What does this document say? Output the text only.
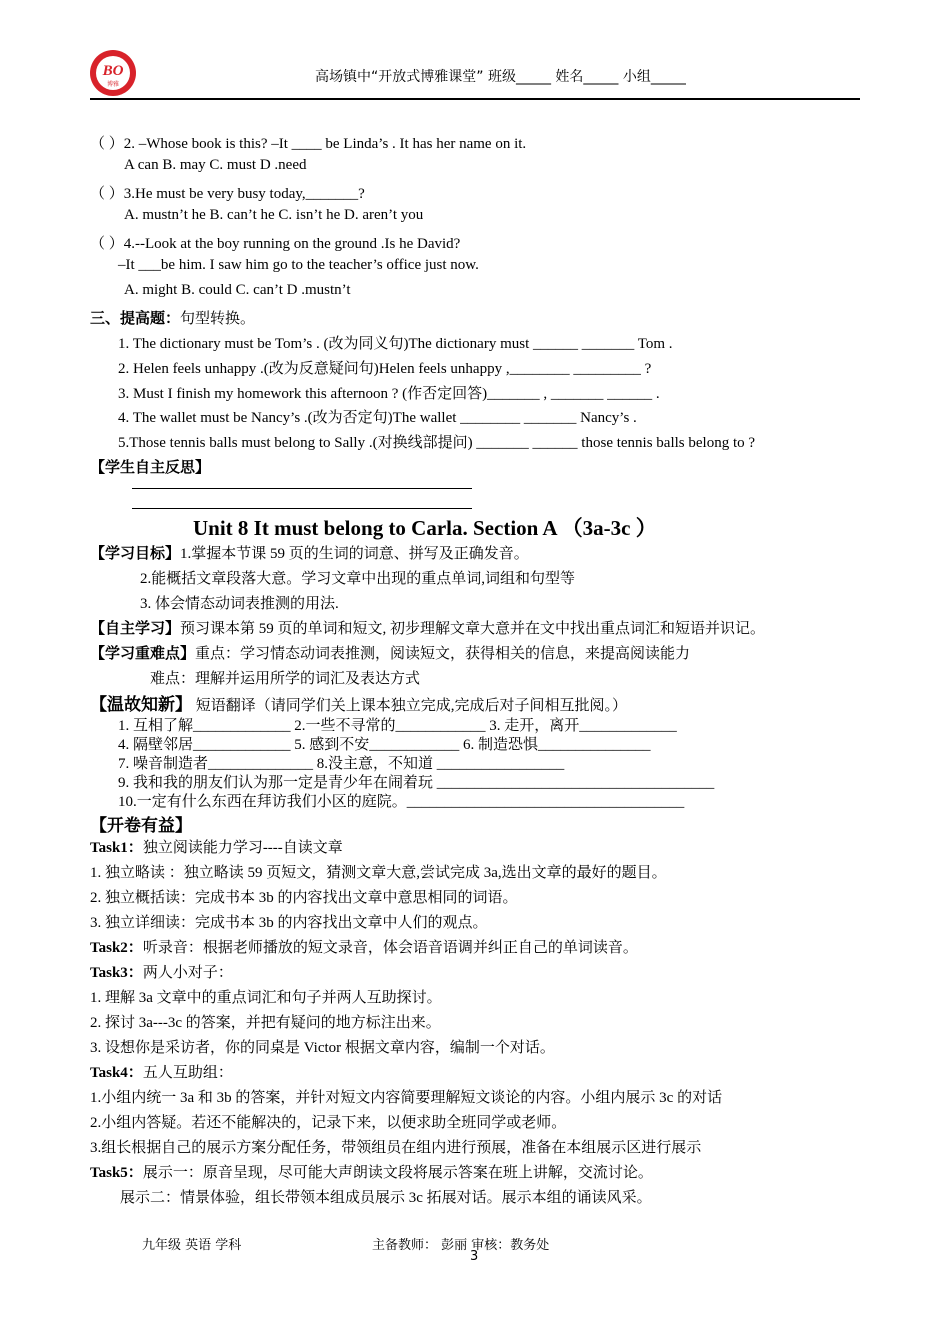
BO
博雅	高场镇中“开放式博雅课堂” 班级_____ 姓名_____ 小组_____
（ ）2. –Whose book is this? –It ____ be Linda’s . It has her name on it.
A can B. may C. must D .need
（ ）3.He must be very busy today,_______?
A. mustn’t he B. can’t he C. isn’t he D. aren’t you
（ ）4.--Look at the boy running on the ground .Is he David?
–It ___be him. I saw him go to the teacher’s office just now.
A. might B. could C. can’t D .mustn’t
三、提高题：句型转换。
1. The dictionary must be Tom’s . (改为同义句)The dictionary must ______ _______ Tom .
2. Helen feels unhappy .(改为反意疑问句)Helen feels unhappy ,________ _________ ?
3. Must I finish my homework this afternoon ? (作否定回答)_______ , _______ ______ .
4. The wallet must be Nancy’s .(改为否定句)The wallet ________ _______ Nancy’s .
5.Those tennis balls must belong to Sally .(对换线部提问) _______ ______ those tennis balls belong to ?
【学生自主反思】
【学习目标】1.掌握本节课 59 页的生词的词意、拼写及正确发音。
2.能概括文章段落大意。学习文章中出现的重点单词,词组和句型等
3. 体会情态动词表推测的用法.
【自主学习】预习课本第 59 页的单词和短文, 初步理解文章大意并在文中找出重点词汇和短语并识记。
【学习重难点】重点：学习情态动词表推测，阅读短文，获得相关的信息，来提高阅读能力
难点：理解并运用所学的词汇及表达方式
【温故知新】 短语翻译（请同学们关上课本独立完成,完成后对子间相互批阅。）
1. 互相了解_____________ 2.一些不寻常的____________ 3. 走开，离开_____________
4. 隔壁邻居_____________ 5. 感到不安____________ 6. 制造恐惧_______________
7. 噪音制造者______________ 8.没主意，不知道 _________________
9. 我和我的朋友们认为那一定是青少年在闹着玩 _____________________________________
10.一定有什么东西在拜访我们小区的庭院。_____________________________________
【开卷有益】
Task1：独立阅读能力学习----自读文章
1. 独立略读 ：独立略读 59 页短文，猜测文章大意,尝试完成 3a,选出文章的最好的题目。
2. 独立概括读：完成书本 3b 的内容找出文章中意思相同的词语。
3. 独立详细读：完成书本 3b 的内容找出文章中人们的观点。
Task2：听录音：根据老师播放的短文录音，体会语音语调并纠正自己的单词读音。
Task3：两人小对子：
1. 理解 3a 文章中的重点词汇和句子并两人互助探讨。
2. 探讨 3a---3c 的答案，并把有疑问的地方标注出来。
3. 设想你是采访者，你的同桌是 Victor 根据文章内容，编制一个对话。
Task4：五人互助组：
1.小组内统一 3a 和 3b 的答案，并针对短文内容简要理解短文谈论的内容。小组内展示 3c 的对话
2.小组内答疑。若还不能解决的，记录下来，以便求助全班同学或老师。
3.组长根据自己的展示方案分配任务，带领组员在组内进行预展，准备在本组展示区进行展示
Task5：展示一：原音呈现，尽可能大声朗读文段将展示答案在班上讲解，交流讨论。
展示二：情景体验，组长带领本组成员展示 3c 拓展对话。展示本组的诵读风采。
Unit 8 It must belong to Carla. Section A （3a-3c ）
九年级 英语 学科	主备教师： 彭丽 审核：教务处
3
